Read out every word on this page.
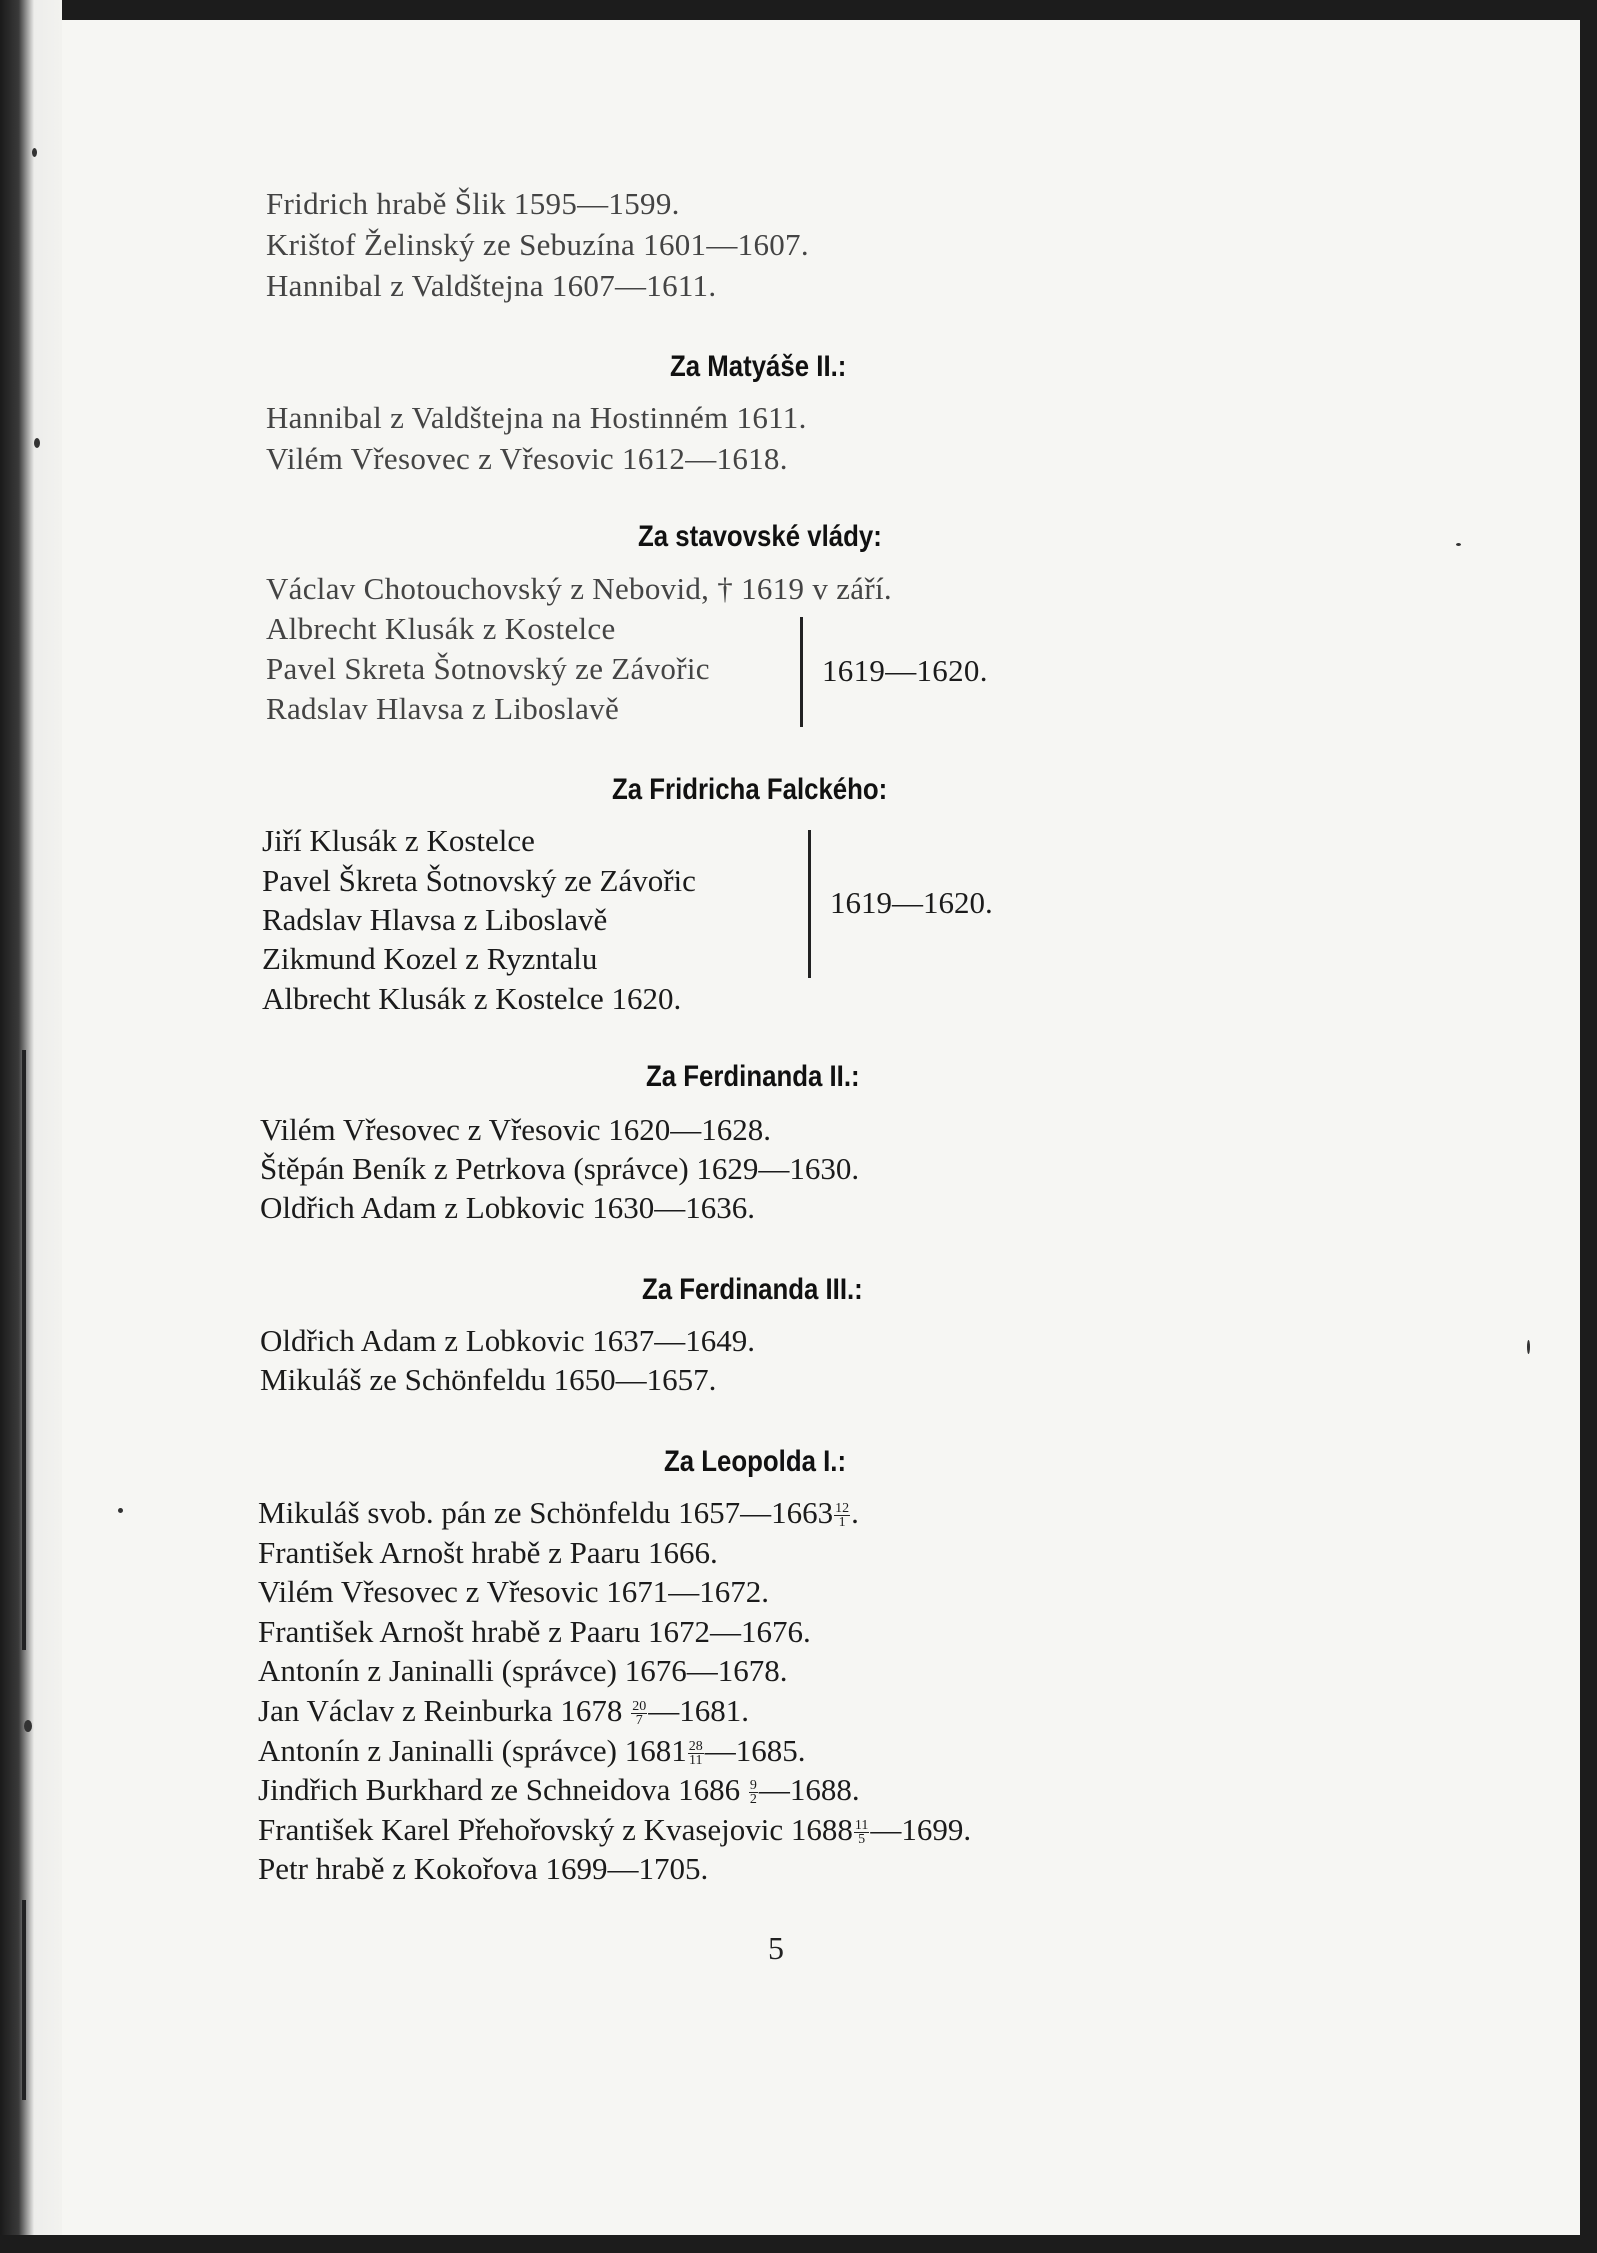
Fridrich hrabě Šlik 1595—1599.
Krištof Želinský ze Sebuzína 1601—1607.
Hannibal z Valdštejna 1607—1611.
Za Matyáše II.:
Hannibal z Valdštejna na Hostinném 1611.
Vilém Vřesovec z Vřesovic 1612—1618.
Za stavovské vlády:
Václav Chotouchovský z Nebovid, † 1619 v září.
Albrecht Klusák z Kostelce
Pavel Skreta Šotnovský ze Závořic
Radslav Hlavsa z Liboslavě
1619—1620.
Za Fridricha Falckého:
Jiří Klusák z Kostelce
Pavel Škreta Šotnovský ze Závořic
Radslav Hlavsa z Liboslavě
Zikmund Kozel z Ryzntalu
1619—1620.
Albrecht Klusák z Kostelce 1620.
Za Ferdinanda II.:
Vilém Vřesovec z Vřesovic 1620—1628.
Štěpán Beník z Petrkova (správce) 1629—1630.
Oldřich Adam z Lobkovic 1630—1636.
Za Ferdinanda III.:
Oldřich Adam z Lobkovic 1637—1649.
Mikuláš ze Schönfeldu 1650—1657.
Za Leopolda I.:
Mikuláš svob. pán ze Schönfeldu 1657—1663 $\frac{12}{1}$ .
František Arnošt hrabě z Paaru 1666.
Vilém Vřesovec z Vřesovic 1671—1672.
František Arnošt hrabě z Paaru 1672—1676.
Antonín z Janinalli (správce) 1676—1678.
Jan Václav z Reinburka $1678 \frac{20}{7}$ —1681.
Antonín z Janinalli (správce) $1681 \frac{28}{11}$ —1685.
Jindřich Burkhard ze Schneidova $1686 \frac{9}{2}$ —1688.
František Karel Přehořovský z Kvasejovic $1688 \frac{11}{5}$ —1699.
Petr hrabě z Kokořova 1699—1705.
5
